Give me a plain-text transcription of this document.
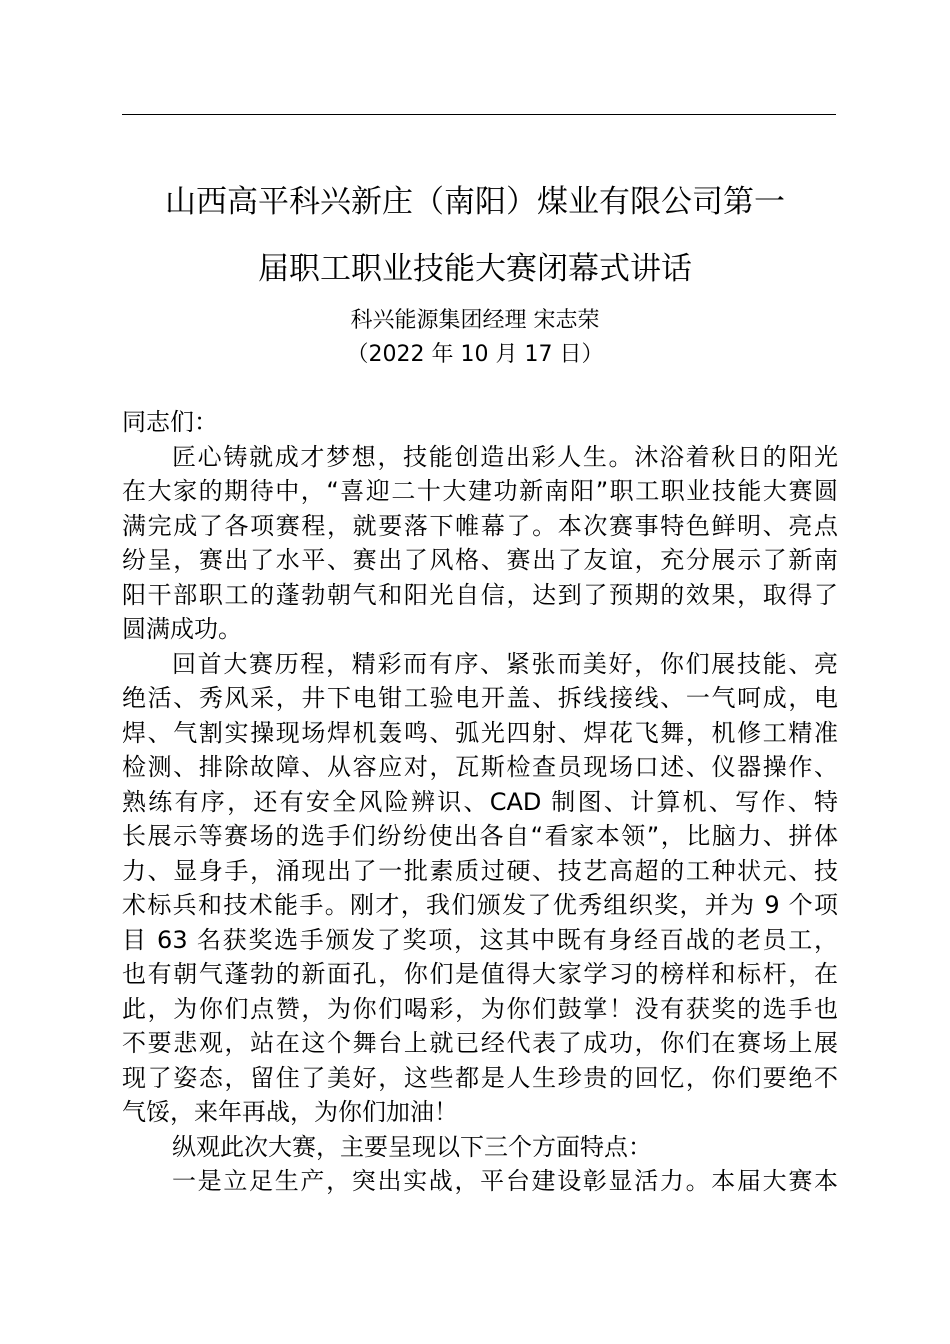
山西高平科兴新庄（南阳）煤业有限公司第一
届职工职业技能大赛闭幕式讲话
科兴能源集团经理 宋志荣
（2022 年 10 月 17 日）
同志们：
匠心铸就成才梦想，技能创造出彩人生。沐浴着秋日的阳光
在大家的期待中，“喜迎二十大建功新南阳”职工职业技能大赛圆
满完成了各项赛程，就要落下帷幕了。本次赛事特色鲜明、亮点
纷呈，赛出了水平、赛出了风格、赛出了友谊，充分展示了新南
阳干部职工的蓬勃朝气和阳光自信，达到了预期的效果，取得了
圆满成功。
回首大赛历程，精彩而有序、紧张而美好，你们展技能、亮
绝活、秀风采，井下电钳工验电开盖、拆线接线、一气呵成，电
焊、气割实操现场焊机轰鸣、弧光四射、焊花飞舞，机修工精准
检测、排除故障、从容应对，瓦斯检查员现场口述、仪器操作、
熟练有序，还有安全风险辨识、CAD 制图、计算机、写作、特
长展示等赛场的选手们纷纷使出各自“看家本领”，比脑力、拼体
力、显身手，涌现出了一批素质过硬、技艺高超的工种状元、技
术标兵和技术能手。刚才，我们颁发了优秀组织奖，并为 9 个项
目 63 名获奖选手颁发了奖项，这其中既有身经百战的老员工，
也有朝气蓬勃的新面孔，你们是值得大家学习的榜样和标杆，在
此，为你们点赞，为你们喝彩，为你们鼓掌！没有获奖的选手也
不要悲观，站在这个舞台上就已经代表了成功，你们在赛场上展
现了姿态，留住了美好，这些都是人生珍贵的回忆，你们要绝不
气馁，来年再战，为你们加油！
纵观此次大赛，主要呈现以下三个方面特点：
一是立足生产，突出实战，平台建设彰显活力。本届大赛本
